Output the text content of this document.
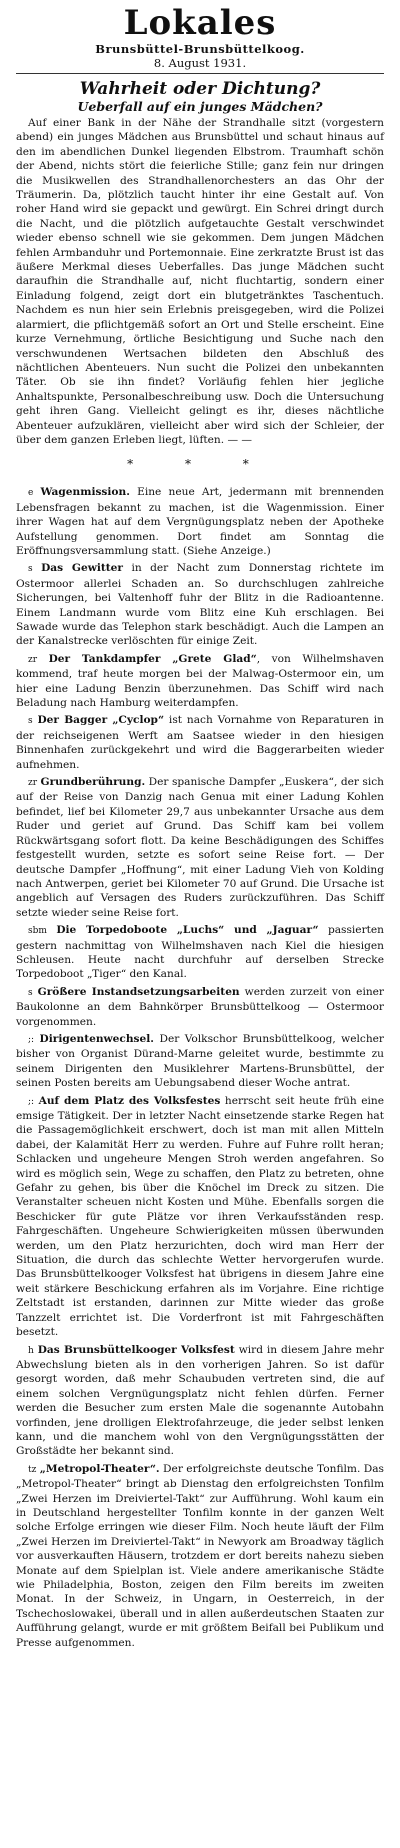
Lokales
Brunsbüttel-Brunsbüttelkoog.
8. August 1931.
Wahrheit oder Dichtung?
Ueberfall auf ein junges Mädchen?

Auf einer Bank in der Nähe der Strandhalle sitzt (vorgestern abend) ein junges Mädchen aus Brunsbüttel und schaut hinaus auf den im abendlichen Dunkel liegenden Elbstrom. Traumhaft schön der Abend, nichts stört die feierliche Stille; ganz fein nur dringen die Musikwellen des Strandhallenorchesters an das Ohr der Träumerin. Da, plötzlich taucht hinter ihr eine Gestalt auf. Von roher Hand wird sie gepackt und gewürgt. Ein Schrei dringt durch die Nacht, und die plötzlich aufgetauchte Gestalt verschwindet wieder ebenso schnell wie sie gekommen. Dem jungen Mädchen fehlen Armbanduhr und Portemonnaie. Eine zerkratzte Brust ist das äußere Merkmal dieses Ueberfalles. Das junge Mädchen sucht daraufhin die Strandhalle auf, nicht fluchtartig, sondern einer Einladung folgend, zeigt dort ein blutgetränktes Taschentuch. Nachdem es nun hier sein Erlebnis preisgegeben, wird die Polizei alarmiert, die pflichtgemäß sofort an Ort und Stelle erscheint. Eine kurze Vernehmung, örtliche Besichtigung und Suche nach den verschwundenen Wertsachen bildeten den Abschluß des nächtlichen Abenteuers. Nun sucht die Polizei den unbekannten Täter. Ob sie ihn findet? Vorläufig fehlen hier jegliche Anhaltspunkte, Personalbeschreibung usw. Doch die Untersuchung geht ihren Gang. Vielleicht gelingt es ihr, dieses nächtliche Abenteuer aufzuklären, vielleicht aber wird sich der Schleier, der über dem ganzen Erleben liegt, lüften. — —

* * *

e Wagenmission. Eine neue Art, jedermann mit brennenden Lebensfragen bekannt zu machen, ist die Wagenmission. Einer ihrer Wagen hat auf dem Vergnügungsplatz neben der Apotheke Aufstellung genommen. Dort findet am Sonntag die Eröffnungsversammlung statt. (Siehe Anzeige.)

s Das Gewitter in der Nacht zum Donnerstag richtete im Ostermoor allerlei Schaden an. So durchschlugen zahlreiche Sicherungen, bei Valtenhoff fuhr der Blitz in die Radioantenne. Einem Landmann wurde vom Blitz eine Kuh erschlagen. Bei Sawade wurde das Telephon stark beschädigt. Auch die Lampen an der Kanalstrecke verlöschten für einige Zeit.

zr Der Tankdampfer „Grete Glad“, von Wilhelmshaven kommend, traf heute morgen bei der Malwag-Ostermoor ein, um hier eine Ladung Benzin überzunehmen. Das Schiff wird nach Beladung nach Hamburg weiterdampfen.

s Der Bagger „Cyclop“ ist nach Vornahme von Reparaturen in der reichseigenen Werft am Saatsee wieder in den hiesigen Binnenhafen zurückgekehrt und wird die Baggerarbeiten wieder aufnehmen.

zr Grundberührung. Der spanische Dampfer „Euskera“, der sich auf der Reise von Danzig nach Genua mit einer Ladung Kohlen befindet, lief bei Kilometer 29,7 aus unbekannter Ursache aus dem Ruder und geriet auf Grund. Das Schiff kam bei vollem Rückwärtsgang sofort flott. Da keine Beschädigungen des Schiffes festgestellt wurden, setzte es sofort seine Reise fort. — Der deutsche Dampfer „Hoffnung“, mit einer Ladung Vieh von Kolding nach Antwerpen, geriet bei Kilometer 70 auf Grund. Die Ursache ist angeblich auf Versagen des Ruders zurückzuführen. Das Schiff setzte wieder seine Reise fort.

sbm Die Torpedoboote „Luchs“ und „Jaguar“ passierten gestern nachmittag von Wilhelmshaven nach Kiel die hiesigen Schleusen. Heute nacht durchfuhr auf derselben Strecke Torpedoboot „Tiger“ den Kanal.

s Größere Instandsetzungsarbeiten werden zurzeit von einer Baukolonne an dem Bahnkörper Brunsbüttelkoog — Ostermoor vorgenommen.

;: Dirigentenwechsel. Der Volkschor Brunsbüttelkoog, welcher bisher von Organist Dürand-Marne geleitet wurde, bestimmte zu seinem Dirigenten den Musiklehrer Martens-Brunsbüttel, der seinen Posten bereits am Uebungsabend dieser Woche antrat.

;: Auf dem Platz des Volksfestes herrscht seit heute früh eine emsige Tätigkeit. Der in letzter Nacht einsetzende starke Regen hat die Passagemöglichkeit erschwert, doch ist man mit allen Mitteln dabei, der Kalamität Herr zu werden. Fuhre auf Fuhre rollt heran; Schlacken und ungeheure Mengen Stroh werden angefahren. So wird es möglich sein, Wege zu schaffen, den Platz zu betreten, ohne Gefahr zu gehen, bis über die Knöchel im Dreck zu sitzen. Die Veranstalter scheuen nicht Kosten und Mühe. Ebenfalls sorgen die Beschicker für gute Plätze vor ihren Verkaufsständen resp. Fahrgeschäften. Ungeheure Schwierigkeiten müssen überwunden werden, um den Platz herzurichten, doch wird man Herr der Situation, die durch das schlechte Wetter hervorgerufen wurde. Das Brunsbüttelkooger Volksfest hat übrigens in diesem Jahre eine weit stärkere Beschickung erfahren als im Vorjahre. Eine richtige Zeltstadt ist erstanden, darinnen zur Mitte wieder das große Tanzzelt errichtet ist. Die Vorderfront ist mit Fahrgeschäften besetzt.

h Das Brunsbüttelkooger Volksfest wird in diesem Jahre mehr Abwechslung bieten als in den vorherigen Jahren. So ist dafür gesorgt worden, daß mehr Schaubuden vertreten sind, die auf einem solchen Vergnügungsplatz nicht fehlen dürfen. Ferner werden die Besucher zum ersten Male die sogenannte Autobahn vorfinden, jene drolligen Elektrofahrzeuge, die jeder selbst lenken kann, und die manchem wohl von den Vergnügungsstätten der Großstädte her bekannt sind.

tz „Metropol-Theater“. Der erfolgreichste deutsche Tonfilm. Das „Metropol-Theater“ bringt ab Dienstag den erfolgreichsten Tonfilm „Zwei Herzen im Dreiviertel-Takt“ zur Aufführung. Wohl kaum ein in Deutschland hergestellter Tonfilm konnte in der ganzen Welt solche Erfolge erringen wie dieser Film. Noch heute läuft der Film „Zwei Herzen im Dreiviertel-Takt“ in Newyork am Broadway täglich vor ausverkauften Häusern, trotzdem er dort bereits nahezu sieben Monate auf dem Spielplan ist. Viele andere amerikanische Städte wie Philadelphia, Boston, zeigen den Film bereits im zweiten Monat. In der Schweiz, in Ungarn, in Oesterreich, in der Tschechoslowakei, überall und in allen außerdeutschen Staaten zur Aufführung gelangt, wurde er mit größtem Beifall bei Publikum und Presse aufgenommen.
